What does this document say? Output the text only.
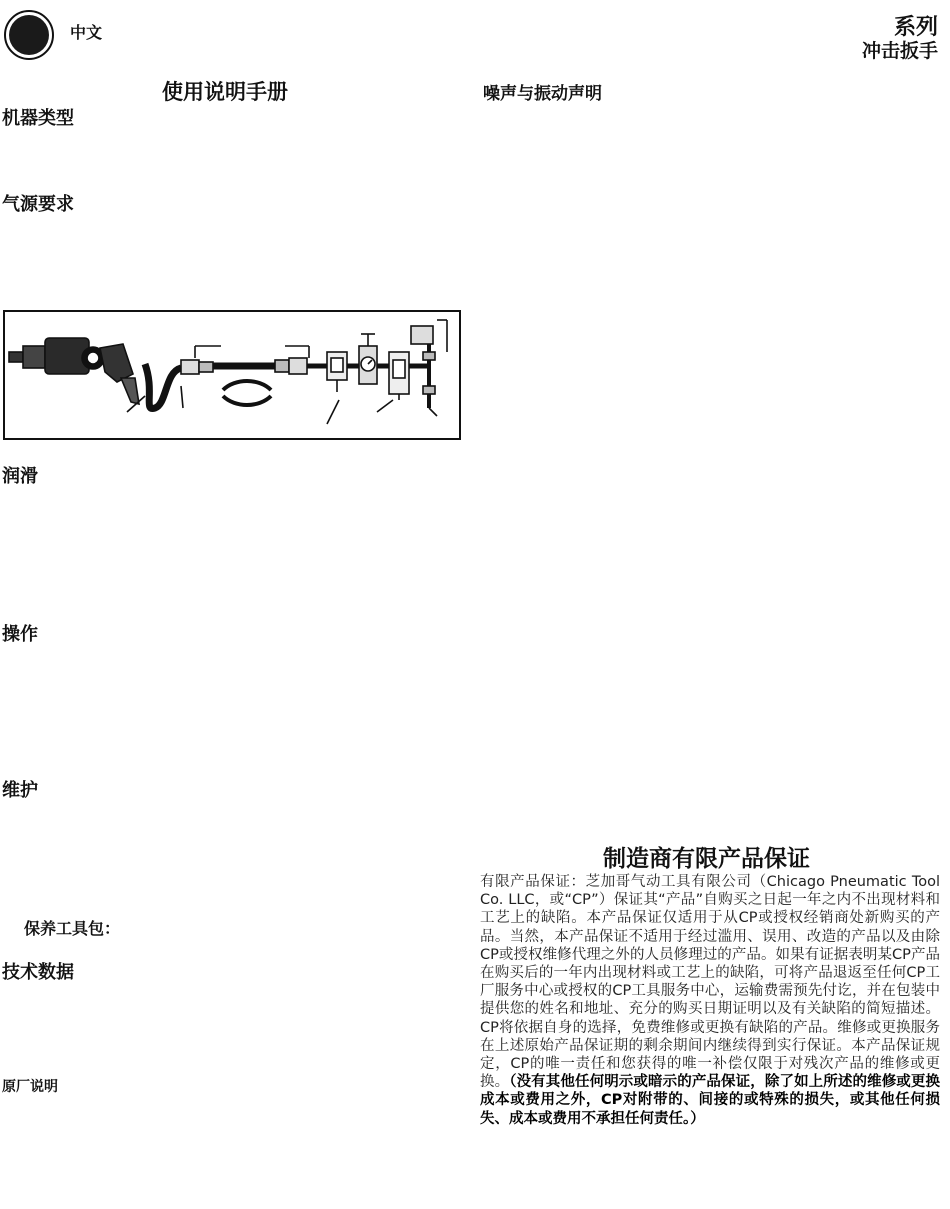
中文	系列
冲击扳手
使用说明手册	噪声与振动声明
机器类型
气源要求
润滑
操作
维护
保养工具包：
技术数据
原厂说明
制造商有限产品保证
有限产品保证：芝加哥气动工具有限公司（Chicago Pneumatic Tool Co. LLC，或“CP”）保证其“产品”自购买之日起一年之内不出现材料和工艺上的缺陷。本产品保证仅适用于从CP或授权经销商处新购买的产品。当然，本产品保证不适用于经过滥用、误用、改造的产品以及由除CP或授权维修代理之外的人员修理过的产品。如果有证据表明某CP产品在购买后的一年内出现材料或工艺上的缺陷，可将产品退返至任何CP工厂服务中心或授权的CP工具服务中心，运输费需预先付讫，并在包装中提供您的姓名和地址、充分的购买日期证明以及有关缺陷的简短描述。CP将依据自身的选择，免费维修或更换有缺陷的产品。维修或更换服务在上述原始产品保证期的剩余期间内继续得到实行保证。本产品保证规定，CP的唯一责任和您获得的唯一补偿仅限于对残次产品的维修或更换。（没有其他任何明示或暗示的产品保证，除了如上所述的维修或更换成本或费用之外，CP对附带的、间接的或特殊的损失，或其他任何损失、成本或费用不承担任何责任。）
